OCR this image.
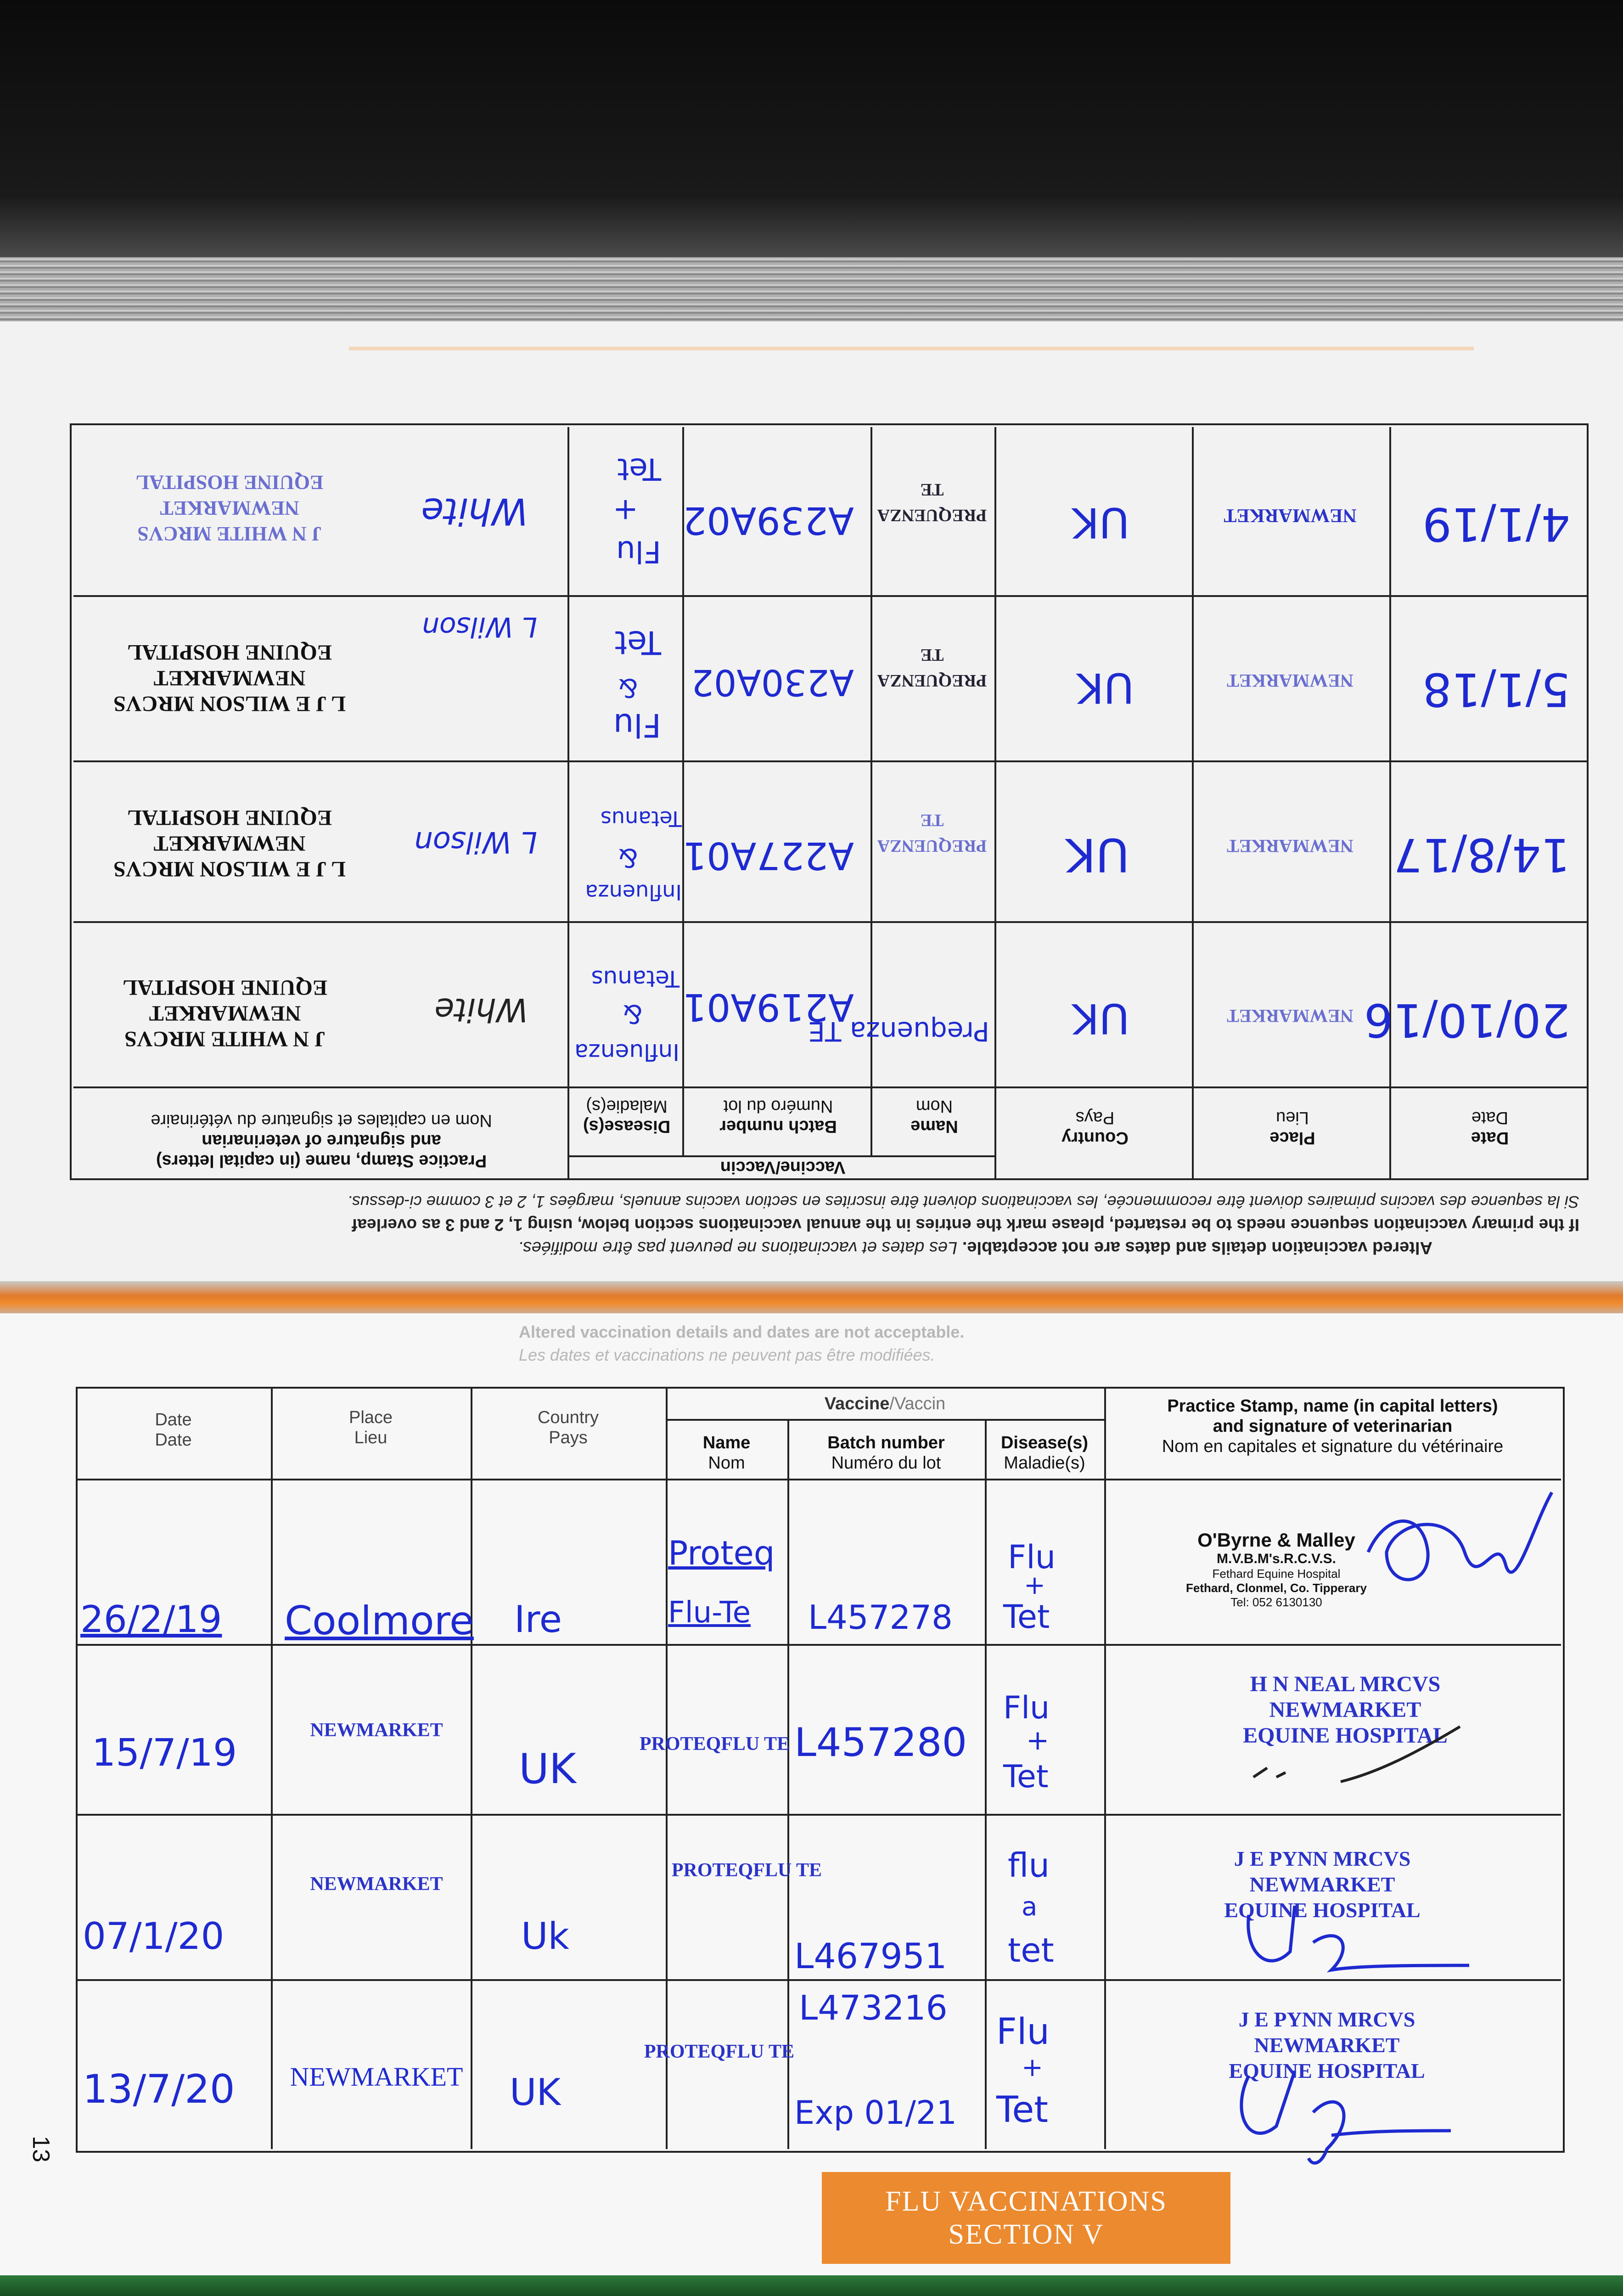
Altered vaccination details and dates are not acceptable. Les dates et vaccinations ne peuvent pas être modifiées.
If the primary vaccination sequence needs to be restarted, please mark the entries in the annual vaccinations section below, using 1, 2 and 3 as overleaf
Si la sequence des vaccins primaires doivent être recommencée, les vaccinations doivent être inscrites en section vaccins annuels, margées 1, 2 et 3 comme ci-dessus.
Date
Date
Place
Lieu
Country
Pays
Vaccine/Vaccin
Name
Nom
Batch number
Numéro du lot
Disease(s)
Maladie(s)
Practice Stamp, name (in capital letters)
and signature of veterinarian
Nom en capitales et signature du vétérinaire
20/10/16
NEWMARKET
UK
Prequenza TE
A219A01
Influenza
&
Tetanus
J N WHITE MRCVS
NEWMARKET
EQUINE HOSPITAL
White
14/8/17
NEWMARKET
UK
PREQUENZA TE
A227A01
Influenza
&
Tetanus
L J E WILSON MRCVS
NEWMARKET
EQUINE HOSPITAL
L Wilson
5/1/18
NEWMARKET
UK
PREQUENZA TE
A230A02
Flu
&
Tet
L J E WILSON MRCVS
NEWMARKET
EQUINE HOSPITAL
L Wilson
4/1/19
NEWMARKET
UK
PREQUENZA TE
A239A02
Flu
+
Tet
J N WHITE MRCVS
NEWMARKET
EQUINE HOSPITAL
White
Altered vaccination details and dates are not acceptable.
Les dates et vaccinations ne peuvent pas être modifiées.
Date
Date
Place
Lieu
Country
Pays
Vaccine/Vaccin
Name
Nom
Batch number
Numéro du lot
Disease(s)
Maladie(s)
Practice Stamp, name (in capital letters)
and signature of veterinarian
Nom en capitales et signature du vétérinaire
26/2/19 Coolmore Ire
Proteq
Flu-Te L457278
Flu
+
Tet
O'Byrne & Malley
M.V.B.M's.R.C.V.S.
Fethard Equine Hospital
Fethard, Clonmel, Co. Tipperary
Tel: 052 6130130
15/7/19
NEWMARKET
UK
PROTEQFLU TE L457280
Flu
+
Tet
H N NEAL MRCVS
NEWMARKET
EQUINE HOSPITAL
07/1/20
NEWMARKET
Uk
PROTEQFLU TE
L467951
flu
a
tet
J E PYNN MRCVS
NEWMARKET
EQUINE HOSPITAL
13/7/20 NEWMARKET UK
PROTEQFLU TE
L473216
Exp 01/21
Flu
+
Tet
J E PYNN MRCVS
NEWMARKET
EQUINE HOSPITAL
FLU VACCINATIONS
SECTION V
13
